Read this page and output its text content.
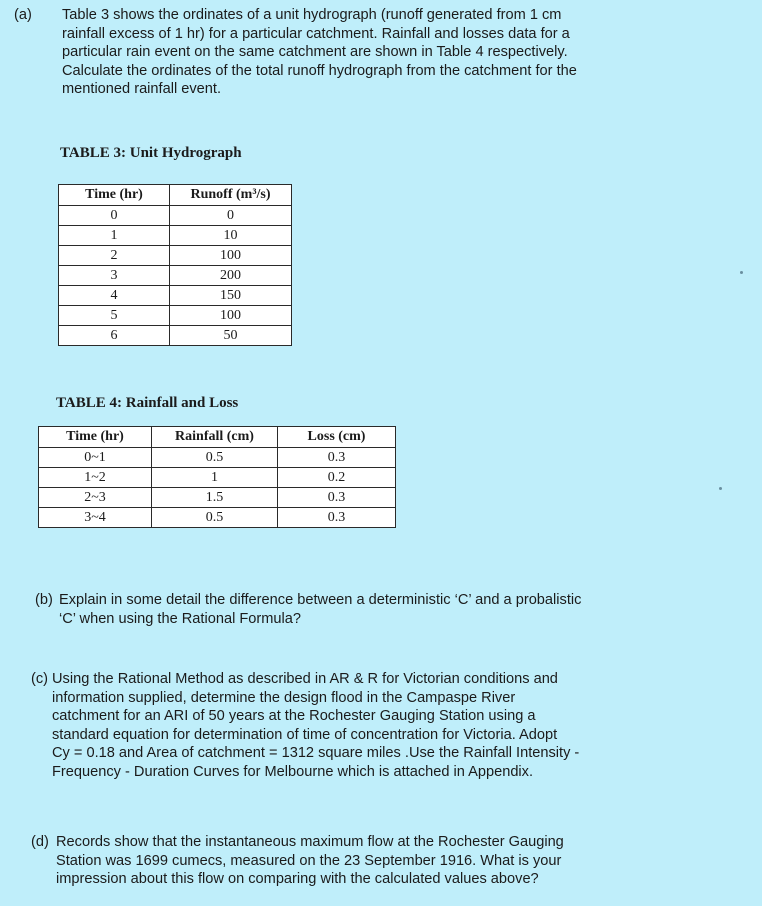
(a) Table 3 shows the ordinates of a unit hydrograph (runoff generated from 1 cm
rainfall excess of 1 hr) for a particular catchment. Rainfall and losses data for a
particular rain event on the same catchment are shown in Table 4 respectively.
Calculate the ordinates of the total runoff hydrograph from the catchment for the
mentioned rainfall event.
TABLE 3: Unit Hydrograph
Time (hr)	Runoff (m³/s)
0	0
1	10
2	100
3	200
4	150
5	100
6	50
TABLE 4: Rainfall and Loss
Time (hr)	Rainfall (cm)	Loss (cm)
0~1	0.5	0.3
1~2	1	0.2
2~3	1.5	0.3
3~4	0.5	0.3
(b) Explain in some detail the difference between a deterministic ‘C’ and a probalistic
‘C’ when using the Rational Formula?
(c) Using the Rational Method as described in AR & R for Victorian conditions and
information supplied, determine the design flood in the Campaspe River
catchment for an ARI of 50 years at the Rochester Gauging Station using a
standard equation for determination of time of concentration for Victoria. Adopt
Cy = 0.18 and Area of catchment = 1312 square miles .Use the Rainfall Intensity -
Frequency - Duration Curves for Melbourne which is attached in Appendix.
(d) Records show that the instantaneous maximum flow at the Rochester Gauging
Station was 1699 cumecs, measured on the 23 September 1916. What is your
impression about this flow on comparing with the calculated values above?
